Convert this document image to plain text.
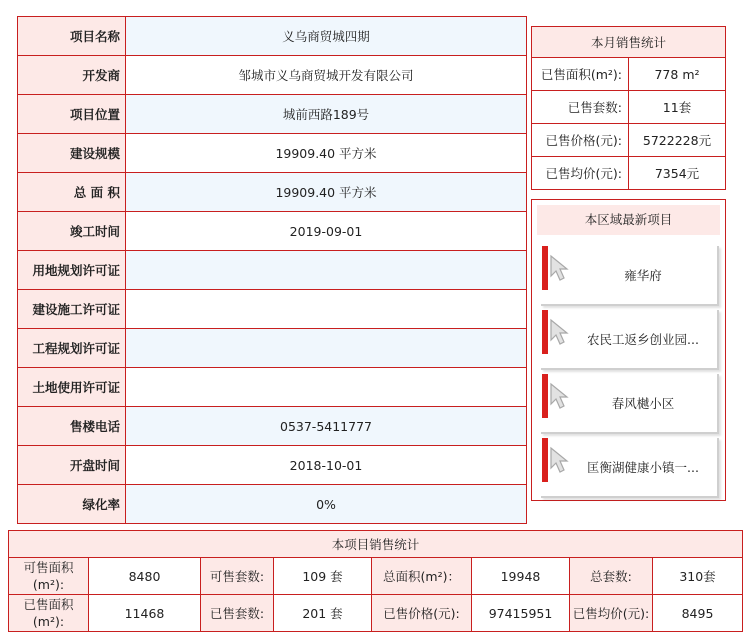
项目名称	义乌商贸城四期
开发商	邹城市义乌商贸城开发有限公司
项目位置	城前西路189号
建设规模	19909.40 平方米
总 面 积	19909.40 平方米
竣工时间	2019-09-01
用地规划许可证	
建设施工许可证	
工程规划许可证	
土地使用许可证	
售楼电话	0537-5411777
开盘时间	2018-10-01
绿化率	0%
本月销售统计	
已售面积(m²):	778 m²
已售套数:	11套
已售价格(元):	5722228元
已售均价(元):	7354元
本区域最新项目
雍华府
农民工返乡创业园...
春风樾小区
匡衡湖健康小镇一...
本项目销售统计							
可售面积(m²):	8480	可售套数:	109 套	总面积(m²)：	19948	总套数:	310套
已售面积(m²):	11468	已售套数:	201 套	已售价格(元):	97415951	已售均价(元):	8495
